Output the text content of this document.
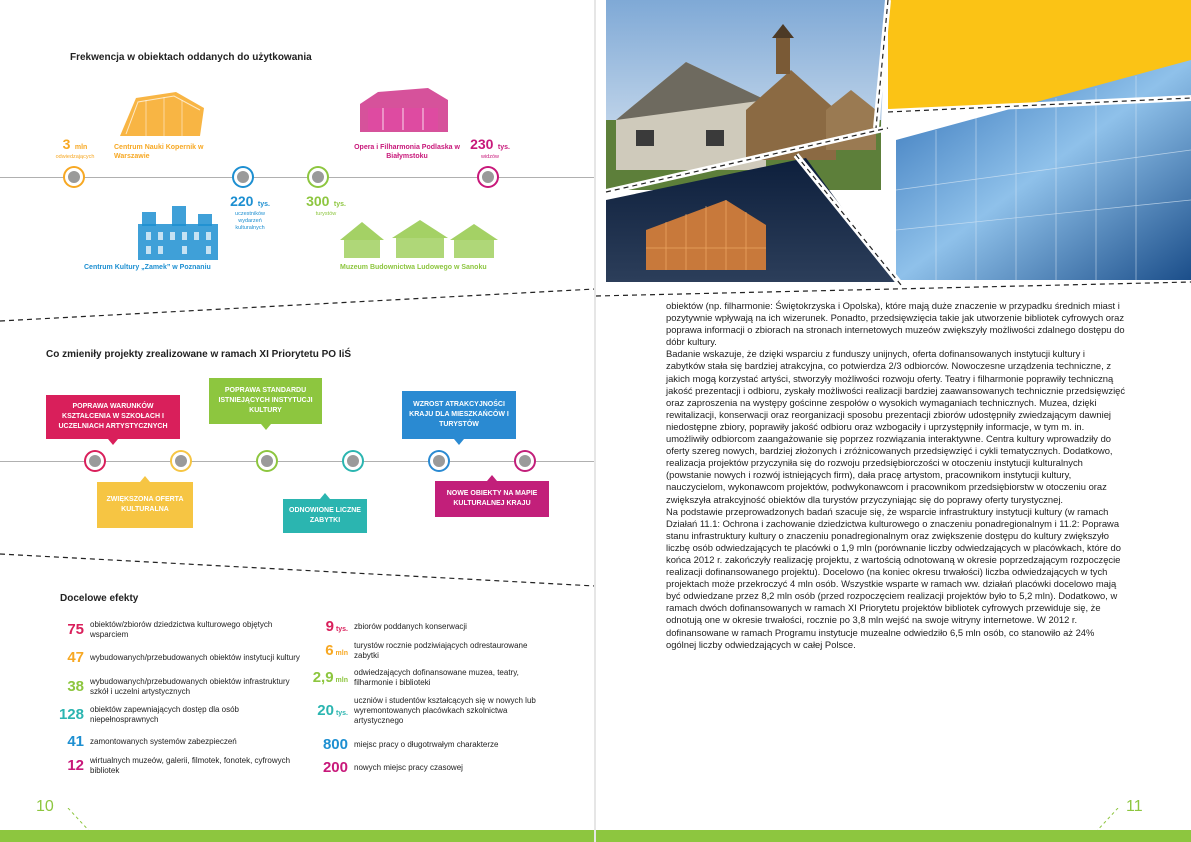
Frekwencja w obiektach oddanych do użytkowania
3 mln
odwiedzających
Centrum Nauki Kopernik w Warszawie
220 tys.
uczestników wydarzeń kulturalnych
Centrum Kultury „Zamek” w Poznaniu
300 tys.
turystów
Muzeum Budownictwa Ludowego w Sanoku
230 tys.
widzów
Opera i Filharmonia Podlaska w Białymstoku
Co zmieniły projekty zrealizowane w ramach XI Priorytetu PO IiŚ
POPRAWA WARUNKÓW KSZTAŁCENIA W SZKOŁACH I UCZELNIACH ARTYSTYCZNYCH
ZWIĘKSZONA OFERTA KULTURALNA
POPRAWA STANDARDU ISTNIEJĄCYCH INSTYTUCJI KULTURY
ODNOWIONE LICZNE ZABYTKI
WZROST ATRAKCYJNOŚCI KRAJU DLA MIESZKAŃCÓW I TURYSTÓW
NOWE OBIEKTY NA MAPIE KULTURALNEJ KRAJU
Docelowe efekty
10
75 obiektów/zbiorów dziedzictwa kulturowego objętych wsparciem
47 wybudowanych/przebudowanych obiektów instytucji kultury
38 wybudowanych/przebudowanych obiektów infrastruktury szkół i uczelni artystycznych
128 obiektów zapewniających dostęp dla osób niepełnosprawnych
41 zamontowanych systemów zabezpieczeń
12 wirtualnych muzeów, galerii, filmotek, fonotek, cyfrowych bibliotek
9 tys. zbiorów poddanych konserwacji
6 mln
turystów rocznie podziwiających odrestaurowane zabytki
2,9 mln
odwiedzających dofinansowane muzea, teatry, filharmonie i biblioteki
20 tys.
uczniów i studentów kształcących się w nowych lub wyremontowanych placówkach szkolnictwa artystycznego
800 miejsc pracy o długotrwałym charakterze
200 nowych miejsc pracy czasowej
11

obiektów (np. filharmonie: Świętokrzyska i Opolska), które mają duże znaczenie w przypadku średnich miast i pozytywnie wpływają na ich wizerunek. Ponadto, przedsięwzięcia takie jak utworzenie bibliotek cyfrowych oraz poprawa informacji o zbiorach na stronach internetowych muzeów zwiększyły możliwości zdalnego dostępu do dóbr kultury.

Badanie wskazuje, że dzięki wsparciu z funduszy unijnych, oferta dofinansowanych instytucji kultury i zabytków stała się bardziej atrakcyjna, co potwierdza 2/3 odbiorców. Nowoczesne urządzenia techniczne, z jakich mogą korzystać artyści, stworzyły możliwości rozwoju oferty. Teatry i filharmonie poprawiły techniczną jakość prezentacji i odbioru, zyskały możliwości realizacji bardziej zaawansowanych technicznie przedsięwzięć oraz zaproszenia na występy gościnne zespołów o wysokich wymaganiach technicznych. Muzea, dzięki rewitalizacji, konserwacji oraz reorganizacji sposobu prezentacji zbiorów udostępniły zwiedzającym dawniej niedostępne zbiory, poprawiły jakość odbioru oraz wzbogaciły i uprzystępniły informacje, w tym m. in. umożliwiły odbiorcom zaangażowanie się poprzez rozwiązania interaktywne. Centra kultury wprowadziły do oferty szereg nowych, bardziej złożonych i zróżnicowanych przedsięwzięć i cykli tematycznych. Dodatkowo, realizacja projektów przyczyniła się do rozwoju przedsiębiorczości w otoczeniu instytucji kulturalnych (powstanie nowych i rozwój istniejących firm), dała pracę artystom, pracownikom instytucji kultury, nauczycielom, wykonawcom projektów, podwykonawcom i pracownikom przedsiębiorstw w otoczeniu oraz zwiększyła atrakcyjność obiektów dla turystów przyczyniając się do poprawy oferty turystycznej.

Na podstawie przeprowadzonych badań szacuje się, że wsparcie infrastruktury instytucji kultury (w ramach Działań 11.1: Ochrona i zachowanie dziedzictwa kulturowego o znaczeniu ponadregionalnym i 11.2: Poprawa stanu infrastruktury kultury o znaczeniu ponadregionalnym oraz zwiększenie dostępu do kultury zwiększyło liczbę osób odwiedzających te placówki o 1,9 mln (porównanie liczby odwiedzających w placówkach, które do końca 2012 r. zakończyły realizację projektu, z wartością odnotowaną w okresie poprzedzającym rozpoczęcie realizacji dofinansowanego projektu). Docelowo (na koniec okresu trwałości) liczba odwiedzających w tych projektach może przekroczyć 4 mln osób. Wszystkie wsparte w ramach ww. działań placówki docelowo mają być odwiedzane przez 8,2 mln osób (przed rozpoczęciem realizacji projektów było to 5,2 mln). Dodatkowo, w ramach dwóch dofinansowanych w ramach XI Priorytetu projektów bibliotek cyfrowych przewiduje się, że odnotują one w okresie trwałości, rocznie po 3,8 mln wejść na swoje witryny internetowe. W 2012 r. dofinansowane w ramach Programu instytucje muzealne odwiedziło 6,5 mln osób, co stanowiło aż 24% ogólnej liczby odwiedzających w całej Polsce.
